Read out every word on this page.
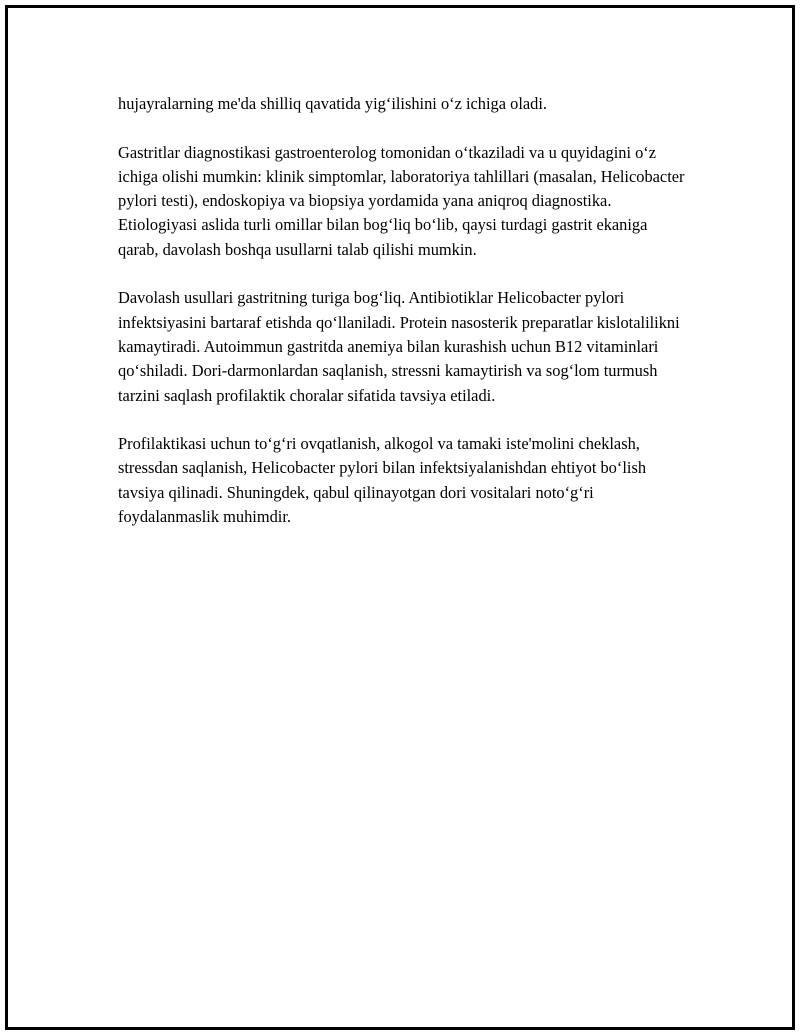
hujayralarning me'da shilliq qavatida yig‘ilishini o‘z ichiga oladi.

Gastritlar diagnostikasi gastroenterolog tomonidan o‘tkaziladi va u quyidagini o‘z ichiga olishi mumkin: klinik simptomlar, laboratoriya tahlillari (masalan, Helicobacter pylori testi), endoskopiya va biopsiya yordamida yana aniqroq diagnostika. Etiologiyasi aslida turli omillar bilan bog‘liq bo‘lib, qaysi turdagi gastrit ekaniga qarab, davolash boshqa usullarni talab qilishi mumkin.

Davolash usullari gastritning turiga bog‘liq. Antibiotiklar Helicobacter pylori infektsiyasini bartaraf etishda qo‘llaniladi. Protein nasosterik preparatlar kislotalilikni kamaytiradi. Autoimmun gastritda anemiya bilan kurashish uchun B12 vitaminlari qo‘shiladi. Dori-darmonlardan saqlanish, stressni kamaytirish va sog‘lom turmush tarzini saqlash profilaktik choralar sifatida tavsiya etiladi.

Profilaktikasi uchun to‘g‘ri ovqatlanish, alkogol va tamaki iste'molini cheklash, stressdan saqlanish, Helicobacter pylori bilan infektsiyalanishdan ehtiyot bo‘lish tavsiya qilinadi. Shuningdek, qabul qilinayotgan dori vositalari noto‘g‘ri foydalanmaslik muhimdir.
